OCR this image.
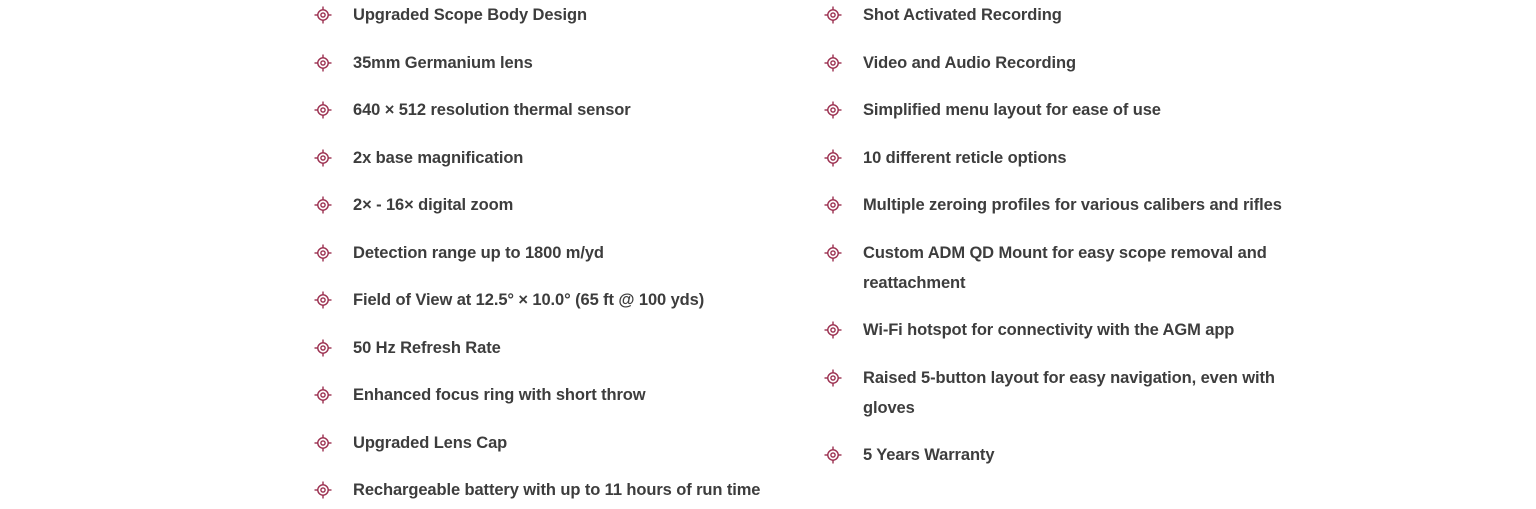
Upgraded Scope Body Design
35mm Germanium lens
640 × 512 resolution thermal sensor
2x base magnification
2× - 16× digital zoom
Detection range up to 1800 m/yd
Field of View at 12.5° × 10.0° (65 ft @ 100 yds)
50 Hz Refresh Rate
Enhanced focus ring with short throw
Upgraded Lens Cap
Rechargeable battery with up to 11 hours of run time
Shot Activated Recording
Video and Audio Recording
Simplified menu layout for ease of use
10 different reticle options
Multiple zeroing profiles for various calibers and rifles
Custom ADM QD Mount for easy scope removal and reattachment
Wi-Fi hotspot for connectivity with the AGM app
Raised 5-button layout for easy navigation, even with gloves
5 Years Warranty
